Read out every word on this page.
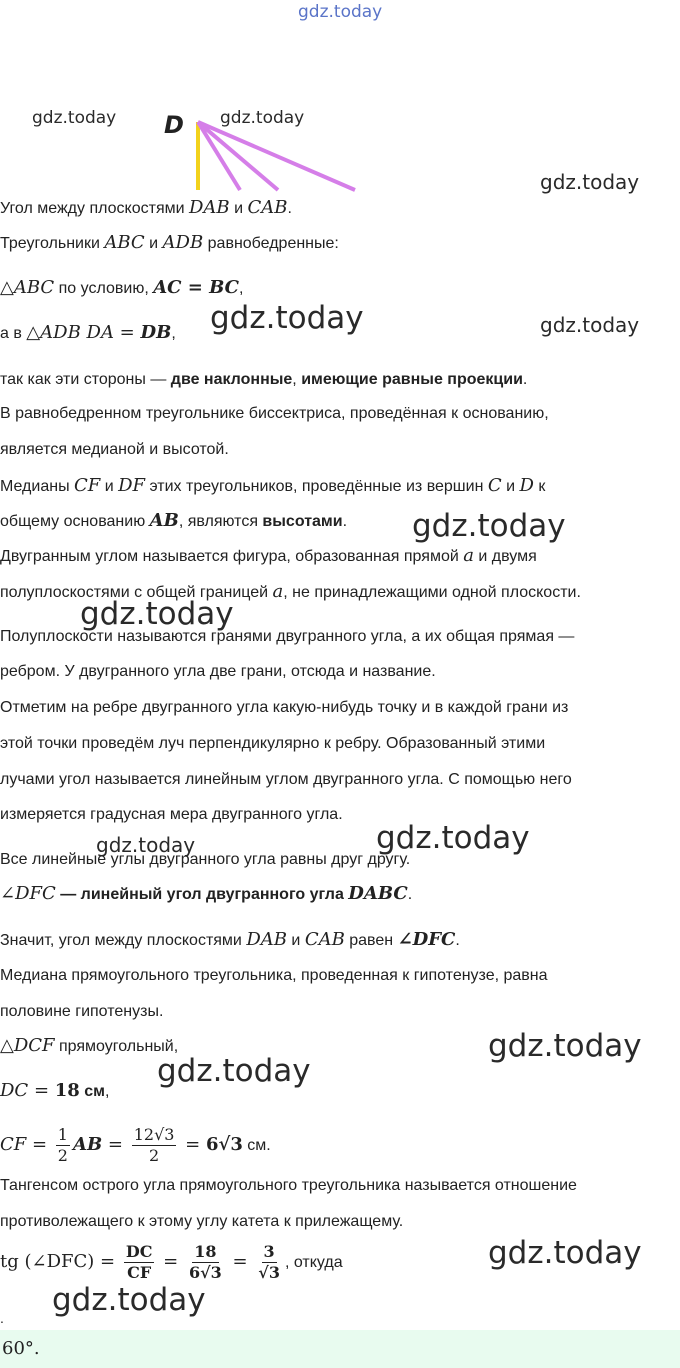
gdz.today
gdz.today	gdz.today
gdz.today
gdz.today	gdz.today
gdz.today
gdz.today
gdz.today	gdz.today
gdz.today
gdz.today
gdz.today
gdz.today
D
Угол между плоскостями DAB и CAB.
Треугольники ABC и ADB равнобедренные:
△ABC по условию, AC = BC,
а в △ADB DA = DB,
так как эти стороны — две наклонные, имеющие равные проекции.
В равнобедренном треугольнике биссектриса, проведённая к основанию,
является медианой и высотой.
Медианы CF и DF этих треугольников, проведённые из вершин C и D к
общему основанию AB, являются высотами.
Двугранным углом называется фигура, образованная прямой a и двумя
полуплоскостями с общей границей a, не принадлежащими одной плоскости.
Полуплоскости называются гранями двугранного угла, а их общая прямая —
ребром. У двугранного угла две грани, отсюда и название.
Отметим на ребре двугранного угла какую-нибудь точку и в каждой грани из
этой точки проведём луч перпендикулярно к ребру. Образованный этими
лучами угол называется линейным углом двугранного угла. С помощью него
измеряется градусная мера двугранного угла.
Все линейные углы двугранного угла равны друг другу.
∠DFC — линейный угол двугранного угла DABC.
Значит, угол между плоскостями DAB и CAB равен ∠DFC.
Медиана прямоугольного треугольника, проведенная к гипотенузе, равна
половине гипотенузы.
△DCF прямоугольный,
DC = 18 см,
CF = $\frac{1}{2}$ AB = $\frac{12√3}{2} = 6√3$ см.
Тангенсом острого угла прямоугольного треугольника называется отношение
противолежащего к этому углу катета к прилежащему.
tg (∠DFC) = $\frac{DC}{CF} = \frac{18}{6√3} = \frac{3}{√3}$ , откуда
.
60°.
